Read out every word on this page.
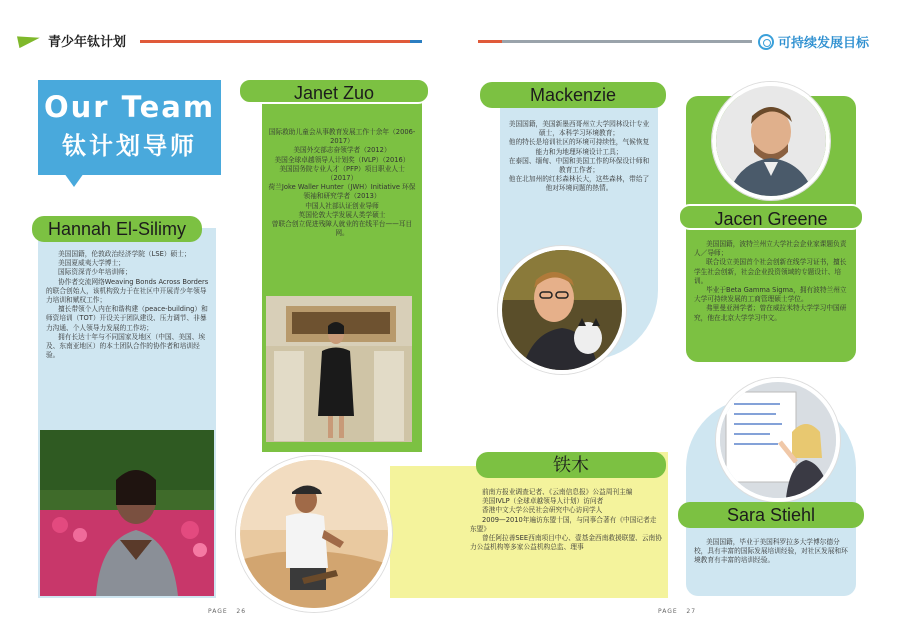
青少年钛计划	可持续发展目标
Our Team
钛计划导师
Hannah El-Silimy

美国国籍，伦敦政治经济学院（LSE）硕士；

美国夏威夷大学博士；

国际资深青少年培训师；

协作者交流网络Weaving Bonds Across Borders的联合创始人，该机构致力于在社区中开展青少年领导力培训和赋权工作；

擅长带领个人内在和谐构建（peace-building）和师资培训（TOT）开设关于团队建设、压力调节、非暴力沟通、个人领导力发展的工作坊；

拥有长达十年与不同国家及地区（中国、美国、埃及、东南亚地区）的本土团队合作的协作者和培训经验。

Janet Zuo

国际救助儿童会从事教育发展工作十余年（2006-2017）

美国外交部志奋领学者（2012）

美国全球卓越领导人计划奖（IVLP）（2016）

美国国务院专业人才（PFP）项目职业人士（2017）

荷兰Joke Waller Hunter（JWH）Initiative 环保领袖和研究学者（2013）

中国人社部认证创业导师

英国伦敦大学发展人类学硕士

曾联合创立促进残障人就业的在线平台——耳目网。

Mackenzie

美国国籍，美国新墨西哥州立大学园林设计专业硕士，本科学习环境教育；

他的特长是培训社区的环境可持续性，气候恢复能力和为地理环境设计工具；

在泰国、缅甸、中国和美国工作的环保设计师和教育工作者；

他在北加州的红杉森林长大，这些森林，带给了他对环境问题的热情。

Jacen Greene

美国国籍，波特兰州立大学社会企业家课题负责人／导师；

联合设立美国首个社会创新在线学习证书，擅长学生社会创新，社会企业投资领域的专题设计、培训。

毕业于Beta Gamma Sigma，拥有波特兰州立大学可持续发展的工商管理硕士学位。

弗里曼亚洲学者；曾在威拉米特大学学习中国研究，他在北京大学学习中文。

铁木

前南方报业调查记者、《云南信息报》公益周刊主编

美国IVLP（全球卓越领导人计划）访问者

香港中文大学公民社会研究中心访问学人

2009—2010年遍访东盟十国，与同事合著有《中国记者走东盟》

曾任阿拉善SEE西南项目中心、壹基金西南救援联盟、云南协力公益机构等多家公益机构总监、理事

Sara Stiehl

美国国籍，毕业于美国科罗拉多大学博尔德分校，具有丰富的国际发展培训经验，对社区发展和环境教育有丰富的培训经验。

PAGE 26	PAGE 27
